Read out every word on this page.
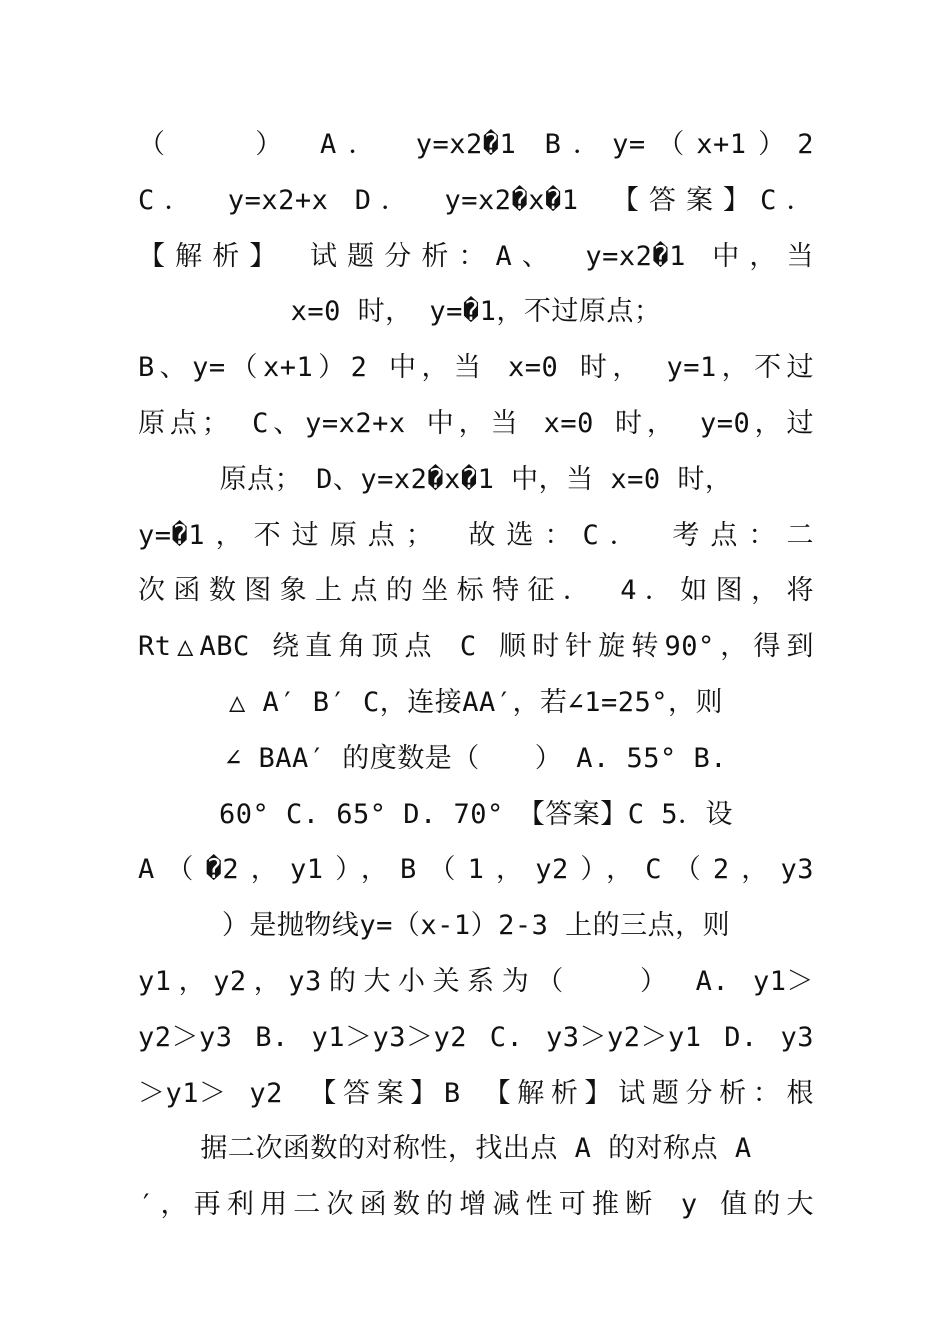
（　　）　A． y=x2�1 B．y=（x+1）2
C． y=x2+x D． y=x2�x�1　【答案】C．
【解析】　试题分析：A、 y=x2�1 中，当
x=0 时， y=�1，不过原点；
B、y=（x+1）2 中，当 x=0 时， y=1，不过
原点；　C、y=x2+x 中，当 x=0 时， y=0，过
原点；　D、y=x2�x�1 中，当 x=0 时，
y=�1，不过原点；　故选：C．　考点：二
次函数图象上点的坐标特征．　4．如图，将
Rt△ABC 绕直角顶点 C 顺时针旋转90°，得到
△ A′ B′ C，连接AA′，若∠1=25°，则
∠ BAA′ 的度数是（　　）　A. 55° B.
60° C. 65° D. 70°　【答案】C 5．设
A（�2，y1），B（1，y2），C（2，y3
）是抛物线y=（x-1）2-3 上的三点，则
y1，y2，y3的大小关系为（　　）　A. y1＞
y2＞y3 B. y1＞y3＞y2 C. y3＞y2＞y1 D. y3
＞y1＞ y2　【答案】B 【解析】试题分析：根
据二次函数的对称性，找出点 A 的对称点 A
′，再利用二次函数的增减性可推断 y 值的大
